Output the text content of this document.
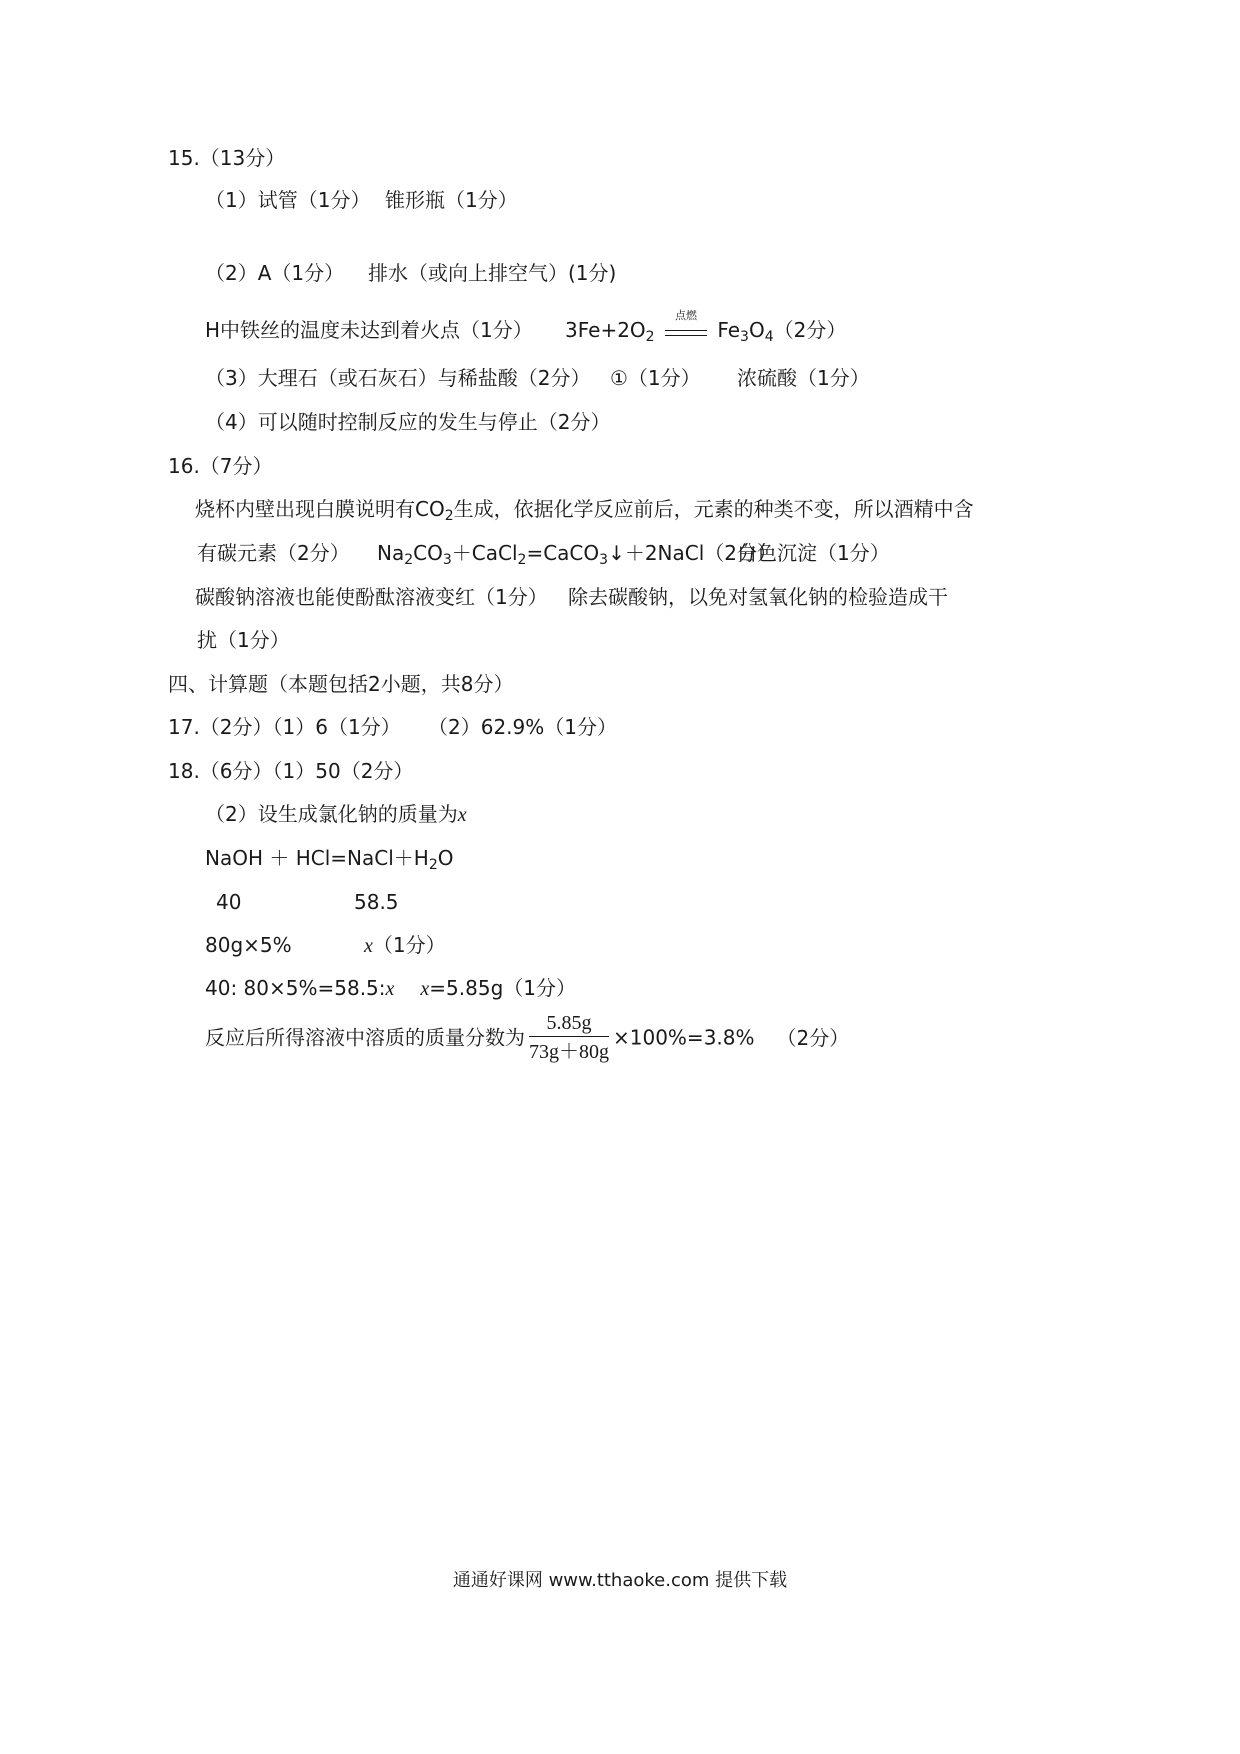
15.（13分）
（1）试管（1分） 锥形瓶（1分）
（2）A（1分） 排水（或向上排空气）(1分)
H中铁丝的温度未达到着火点（1分） $3Fe+2O_2$
点燃
$Fe_3O_4(2$分）
（3）大理石（或石灰石）与稀盐酸（2分） ①（1分） 浓硫酸（1分）
（4）可以随时控制反应的发生与停止（2分）
16.（7分）
烧杯内壁出现白膜说明有$CO_2$生成，依据化学反应前后，元素的种类不变，所以酒精中含
有碳元素（2分） $Na_2CO_3+CaCl_2=CaCO_3↓+2NaCl(2$分）
白色沉淀（1分）
碳酸钠溶液也能使酚酞溶液变红（1分） 除去碳酸钠，以免对氢氧化钠的检验造成干
扰（1分）
四、计算题（本题包括2小题，共8分）
17.（2分）（1）6（1分） （2）62.9%（1分）
18.（6分）（1）50（2分）
（2）设生成氯化钠的质量为x
NaOH ＋ $HCl=NaCl+H_2O$
40	58.5
80g×5%	x（1分）
40: 80×5%=58.5:x x=5.85g（1分）
反应后所得溶液中溶质的质量分数为 $\frac{5.85g}{73g+80g} \times 100\%=3.8\%$ （2分）
通通好课网 www.tthaoke.com 提供下载
